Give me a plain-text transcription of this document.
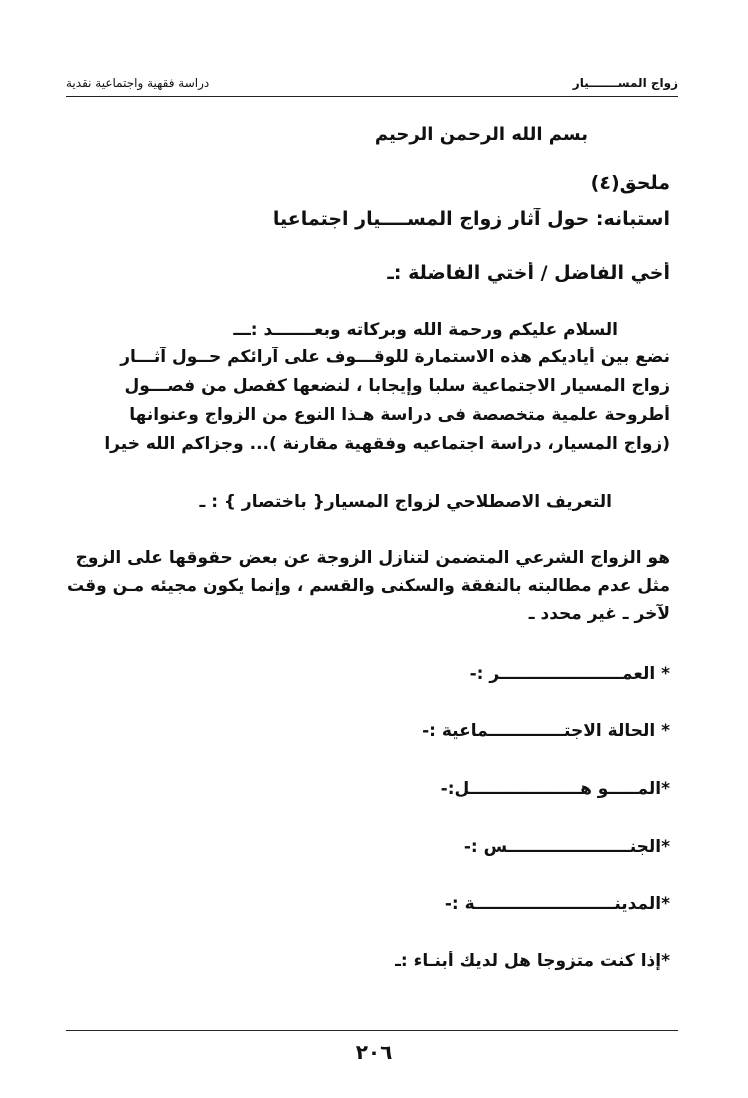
زواج المســـــــيار
دراسة فقهية واجتماعية نقدية
بسم الله الرحمن الرحيم
ملحق(٤)
استبانه: حول آثار زواج المســــيار اجتماعيا
أخي الفاضل / أختي الفاضلة :ـ
السلام عليكم ورحمة الله وبركاته وبعـــــــد :ـــ
نضع بين أياديكم هذه الاستمارة للوقـــوف على آرائكم حــول آثـــار
زواج المسيار الاجتماعية سلبا وإيجابا ، لنضعها كفصل من فصـــول
أطروحة علمية متخصصة فى دراسة هـذا النوع من الزواج وعنوانها
(زواج المسيار، دراسة اجتماعيه وفقهية مقارنة )... وجزاكم الله خيرا
التعريف الاصطلاحي لزواج المسيار{ باختصار } : ـ
هو الزواج الشرعي المتضمن لتنازل الزوجة عن بعض حقوقها على الزوج
مثل عدم مطالبته بالنفقة والسكنى والقسم ، وإنما يكون مجيئه مـن وقت
لآخر ـ غير محدد ـ
* العمـــــــــــــــــــــر :-
* الحالة الاجتـــــــــــــماعية :-
*المـــــو هـــــــــــــــــــل:-
*الجنـــــــــــــــــــــس :-
*المدينــــــــــــــــــــــــة :-
*إذا كنت متزوجا هل لديك أبنـاء :ـ
٢٠٦
